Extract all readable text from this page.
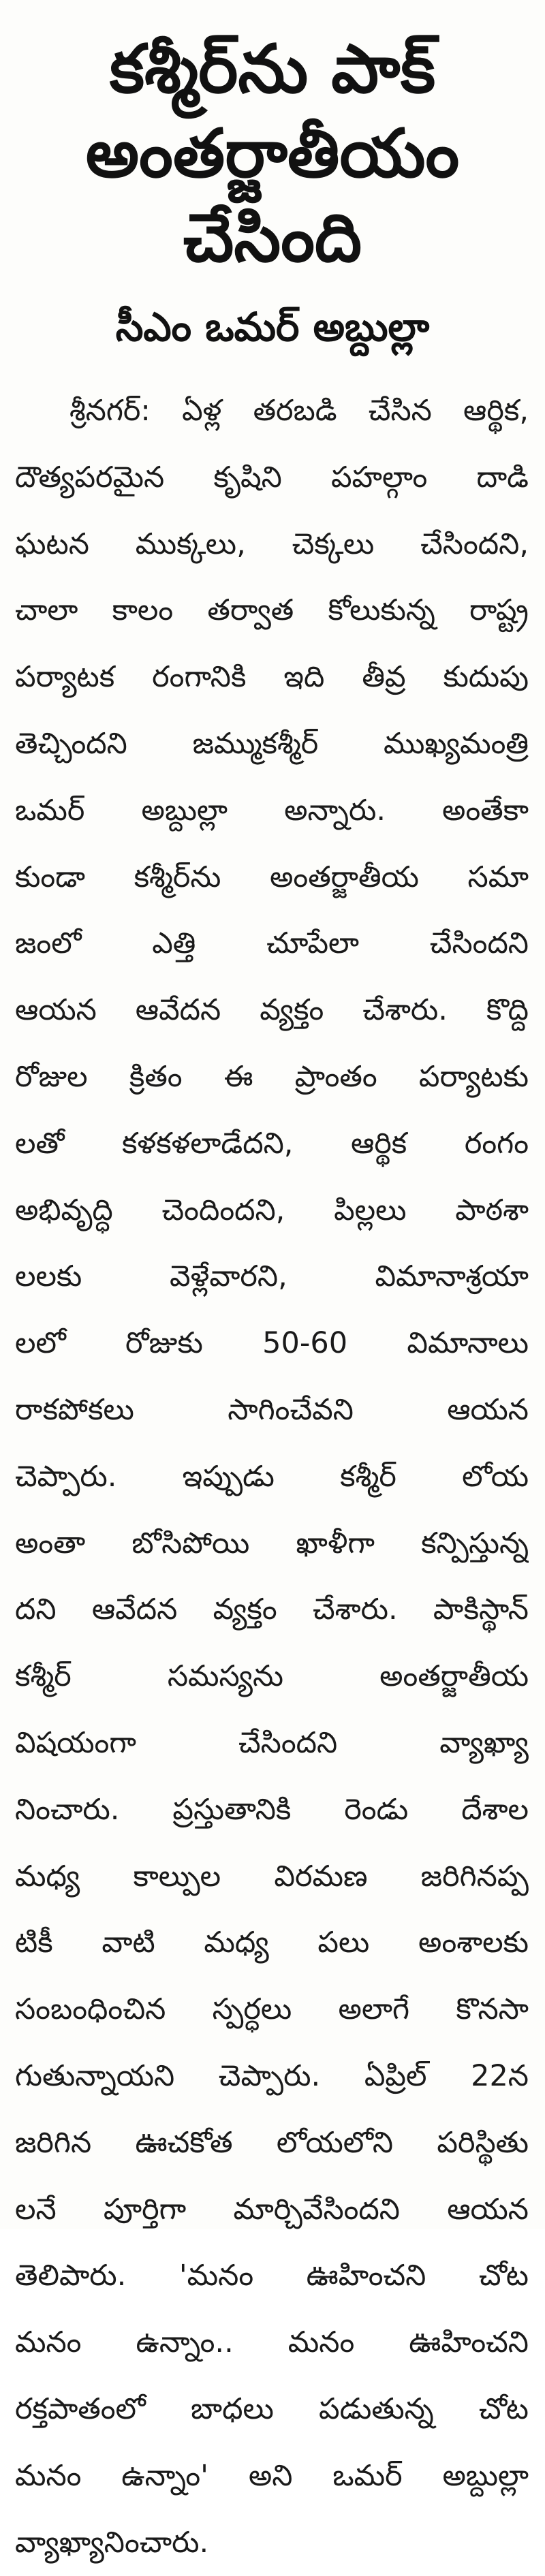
కశ్మీర్‌ను పాక్‌
అంతర్జాతీయం
చేసింది
సీఎం ఒమర్‌ అబ్దుల్లా
శ్రీనగర్‌: ఏళ్ల తరబడి చేసిన ఆర్థిక,
దౌత్యపరమైన కృషిని పహల్గాం దాడి
ఘటన ముక్కలు, చెక్కలు చేసిందని,
చాలా కాలం తర్వాత కోలుకున్న రాష్ట్ర
పర్యాటక రంగానికి ఇది తీవ్ర కుదుపు
తెచ్చిందని జమ్ముకశ్మీర్‌ ముఖ్యమంత్రి
ఒమర్‌ అబ్దుల్లా అన్నారు. అంతేకా
కుండా కశ్మీర్‌ను అంతర్జాతీయ సమా
జంలో ఎత్తి చూపేలా చేసిందని
ఆయన ఆవేదన వ్యక్తం చేశారు. కొద్ది
రోజుల క్రితం ఈ ప్రాంతం పర్యాటకు
లతో కళకళలాడేదని, ఆర్థిక రంగం
అభివృద్ధి చెందిందని, పిల్లలు పాఠశా
లలకు వెళ్లేవారని, విమానాశ్రయా
లలో రోజుకు 50-60 విమానాలు
రాకపోకలు సాగించేవని ఆయన
చెప్పారు. ఇప్పుడు కశ్మీర్‌ లోయ
అంతా బోసిపోయి ఖాళీగా కన్పిస్తున్న
దని ఆవేదన వ్యక్తం చేశారు. పాకిస్థాన్‌
కశ్మీర్‌ సమస్యను అంతర్జాతీయ
విషయంగా చేసిందని వ్యాఖ్యా
నించారు. ప్రస్తుతానికి రెండు దేశాల
మధ్య కాల్పుల విరమణ జరిగినప్ప
టికీ వాటి మధ్య పలు అంశాలకు
సంబంధించిన స్పర్ధలు అలాగే కొనసా
గుతున్నాయని చెప్పారు. ఏప్రిల్‌ 22న
జరిగిన ఊచకోత లోయలోని పరిస్థితు
లనే పూర్తిగా మార్చివేసిందని ఆయన
తెలిపారు. 'మనం ఊహించని చోట
మనం ఉన్నాం.. మనం ఊహించని
రక్తపాతంలో బాధలు పడుతున్న చోట
మనం ఉన్నాం' అని ఒమర్‌ అబ్దుల్లా
వ్యాఖ్యానించారు.
